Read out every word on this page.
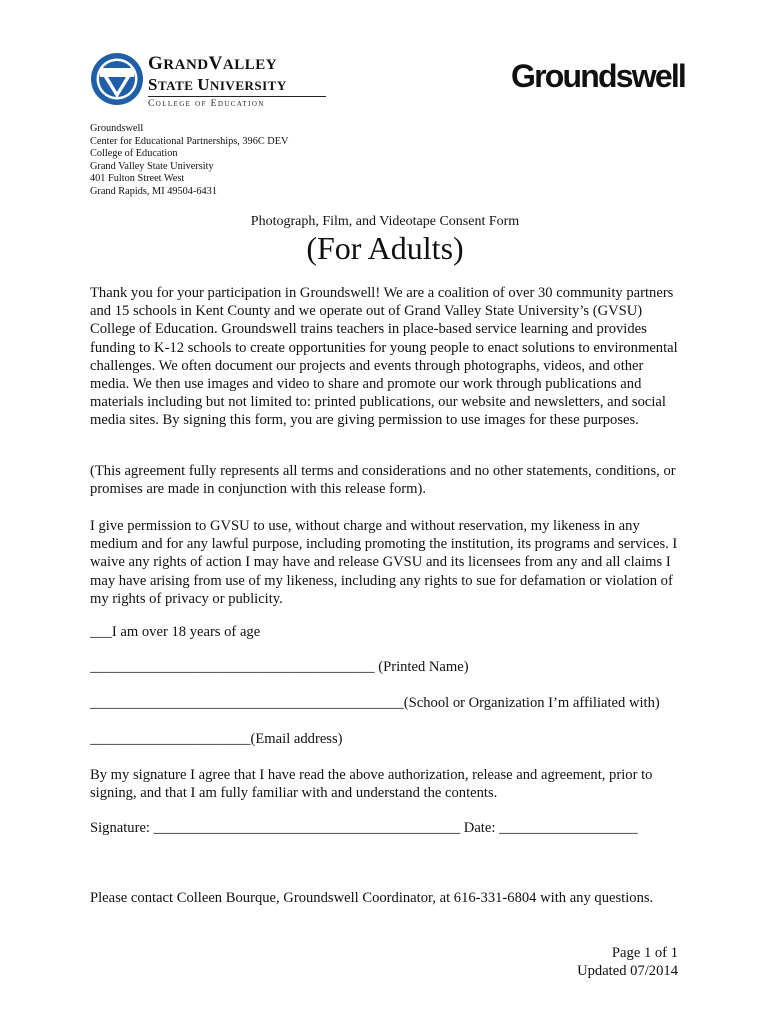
GRANDVALLEY
STATE UNIVERSITY
College of Education
Groundswell
Groundswell
Center for Educational Partnerships, 396C DEV
College of Education
Grand Valley State University
401 Fulton Street West
Grand Rapids, MI 49504-6431
Photograph, Film, and Videotape Consent Form
(For Adults)
Thank you for your participation in Groundswell! We are a coalition of over 30 community partners and 15 schools in Kent County and we operate out of Grand Valley State University’s (GVSU) College of Education. Groundswell trains teachers in place-based service learning and provides funding to K-12 schools to create opportunities for young people to enact solutions to environmental challenges. We often document our projects and events through photographs, videos, and other media. We then use images and video to share and promote our work through publications and materials including but not limited to: printed publications, our website and newsletters, and social media sites. By signing this form, you are giving permission to use images for these purposes.
(This agreement fully represents all terms and considerations and no other statements, conditions, or promises are made in conjunction with this release form).
I give permission to GVSU to use, without charge and without reservation, my likeness in any medium and for any lawful purpose, including promoting the institution, its programs and services. I waive any rights of action I may have and release GVSU and its licensees from any and all claims I may have arising from use of my likeness, including any rights to sue for defamation or violation of my rights of privacy or publicity.
___I am over 18 years of age
_______________________________________ (Printed Name)
___________________________________________(School or Organization I’m affiliated with)
______________________(Email address)
By my signature I agree that I have read the above authorization, release and agreement, prior to signing, and that I am fully familiar with and understand the contents.
Signature: __________________________________________ Date: ___________________
Please contact Colleen Bourque, Groundswell Coordinator, at 616-331-6804 with any questions.
Page 1 of 1
Updated 07/2014
